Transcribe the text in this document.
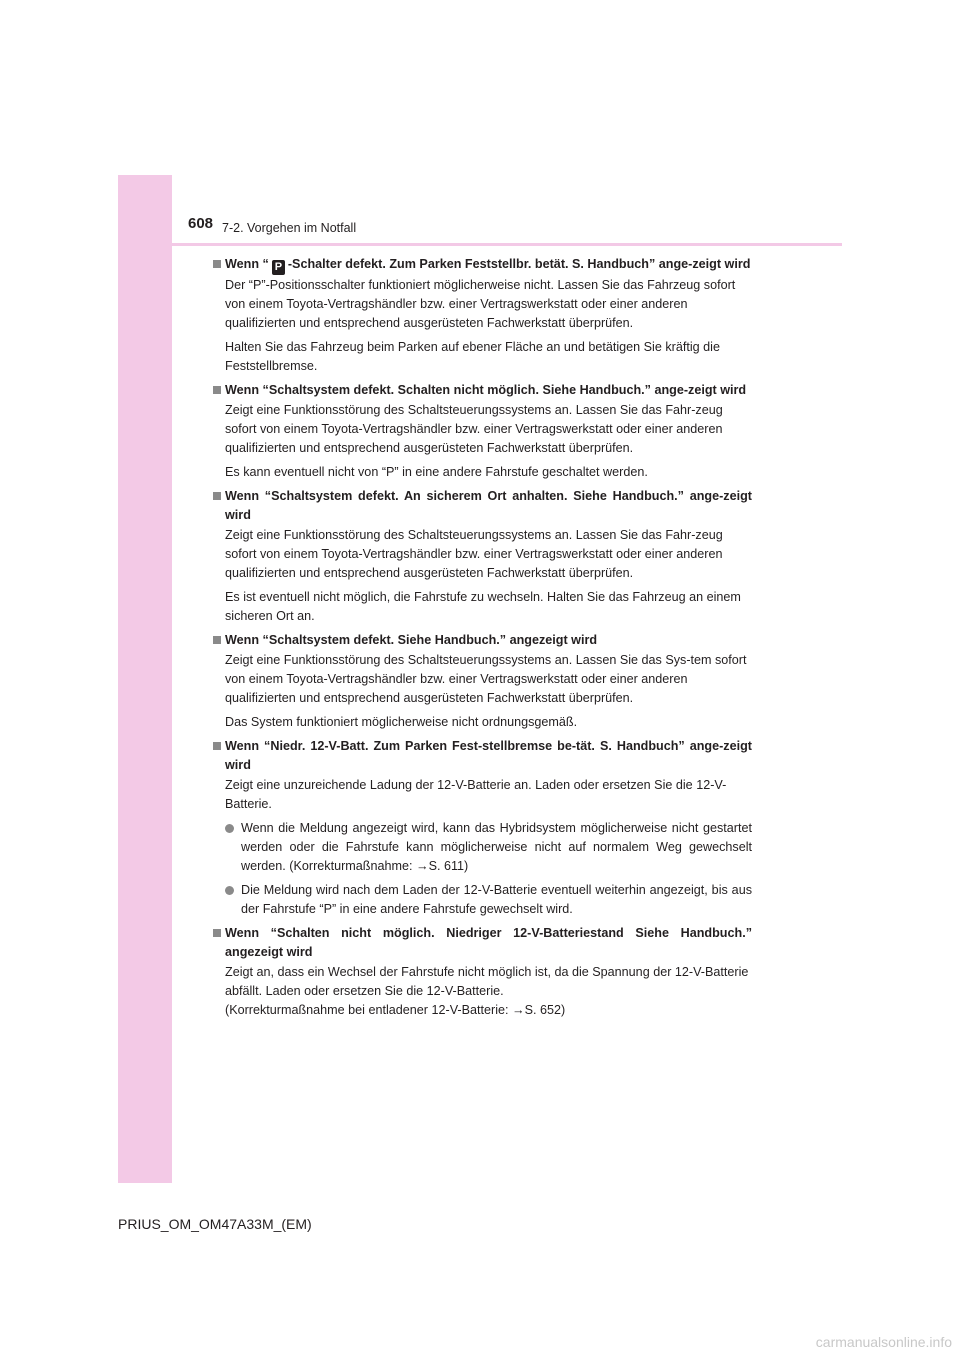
608 7-2. Vorgehen im Notfall
Wenn “ P -Schalter defekt. Zum Parken Feststellbr. betät. S. Handbuch” ange-zeigt wird

Der “P”-Positionsschalter funktioniert möglicherweise nicht. Lassen Sie das Fahrzeug sofort von einem Toyota-Vertragshändler bzw. einer Vertragswerkstatt oder einer anderen qualifizierten und entsprechend ausgerüsteten Fachwerkstatt überprüfen.

Halten Sie das Fahrzeug beim Parken auf ebener Fläche an und betätigen Sie kräftig die Feststellbremse.

Wenn “Schaltsystem defekt. Schalten nicht möglich. Siehe Handbuch.” ange-zeigt wird

Zeigt eine Funktionsstörung des Schaltsteuerungssystems an. Lassen Sie das Fahr-zeug sofort von einem Toyota-Vertragshändler bzw. einer Vertragswerkstatt oder einer anderen qualifizierten und entsprechend ausgerüsteten Fachwerkstatt überprüfen.

Es kann eventuell nicht von “P” in eine andere Fahrstufe geschaltet werden.

Wenn “Schaltsystem defekt. An sicherem Ort anhalten. Siehe Handbuch.” ange-zeigt wird

Zeigt eine Funktionsstörung des Schaltsteuerungssystems an. Lassen Sie das Fahr-zeug sofort von einem Toyota-Vertragshändler bzw. einer Vertragswerkstatt oder einer anderen qualifizierten und entsprechend ausgerüsteten Fachwerkstatt überprüfen.

Es ist eventuell nicht möglich, die Fahrstufe zu wechseln. Halten Sie das Fahrzeug an einem sicheren Ort an.

Wenn “Schaltsystem defekt. Siehe Handbuch.” angezeigt wird

Zeigt eine Funktionsstörung des Schaltsteuerungssystems an. Lassen Sie das Sys-tem sofort von einem Toyota-Vertragshändler bzw. einer Vertragswerkstatt oder einer anderen qualifizierten und entsprechend ausgerüsteten Fachwerkstatt überprüfen.

Das System funktioniert möglicherweise nicht ordnungsgemäß.

Wenn “Niedr. 12-V-Batt. Zum Parken Fest-stellbremse be-tät. S. Handbuch” ange-zeigt wird

Zeigt eine unzureichende Ladung der 12-V-Batterie an. Laden oder ersetzen Sie die 12-V-Batterie.

Wenn die Meldung angezeigt wird, kann das Hybridsystem möglicherweise nicht gestartet werden oder die Fahrstufe kann möglicherweise nicht auf normalem Weg gewechselt werden. (Korrekturmaßnahme: →S. 611)
Die Meldung wird nach dem Laden der 12-V-Batterie eventuell weiterhin angezeigt, bis aus der Fahrstufe “P” in eine andere Fahrstufe gewechselt wird.
Wenn “Schalten nicht möglich. Niedriger 12-V-Batteriestand Siehe Handbuch.” angezeigt wird

Zeigt an, dass ein Wechsel der Fahrstufe nicht möglich ist, da die Spannung der 12-V-Batterie abfällt. Laden oder ersetzen Sie die 12-V-Batterie.

(Korrekturmaßnahme bei entladener 12-V-Batterie: →S. 652)

PRIUS_OM_OM47A33M_(EM)
carmanualsonline.info
